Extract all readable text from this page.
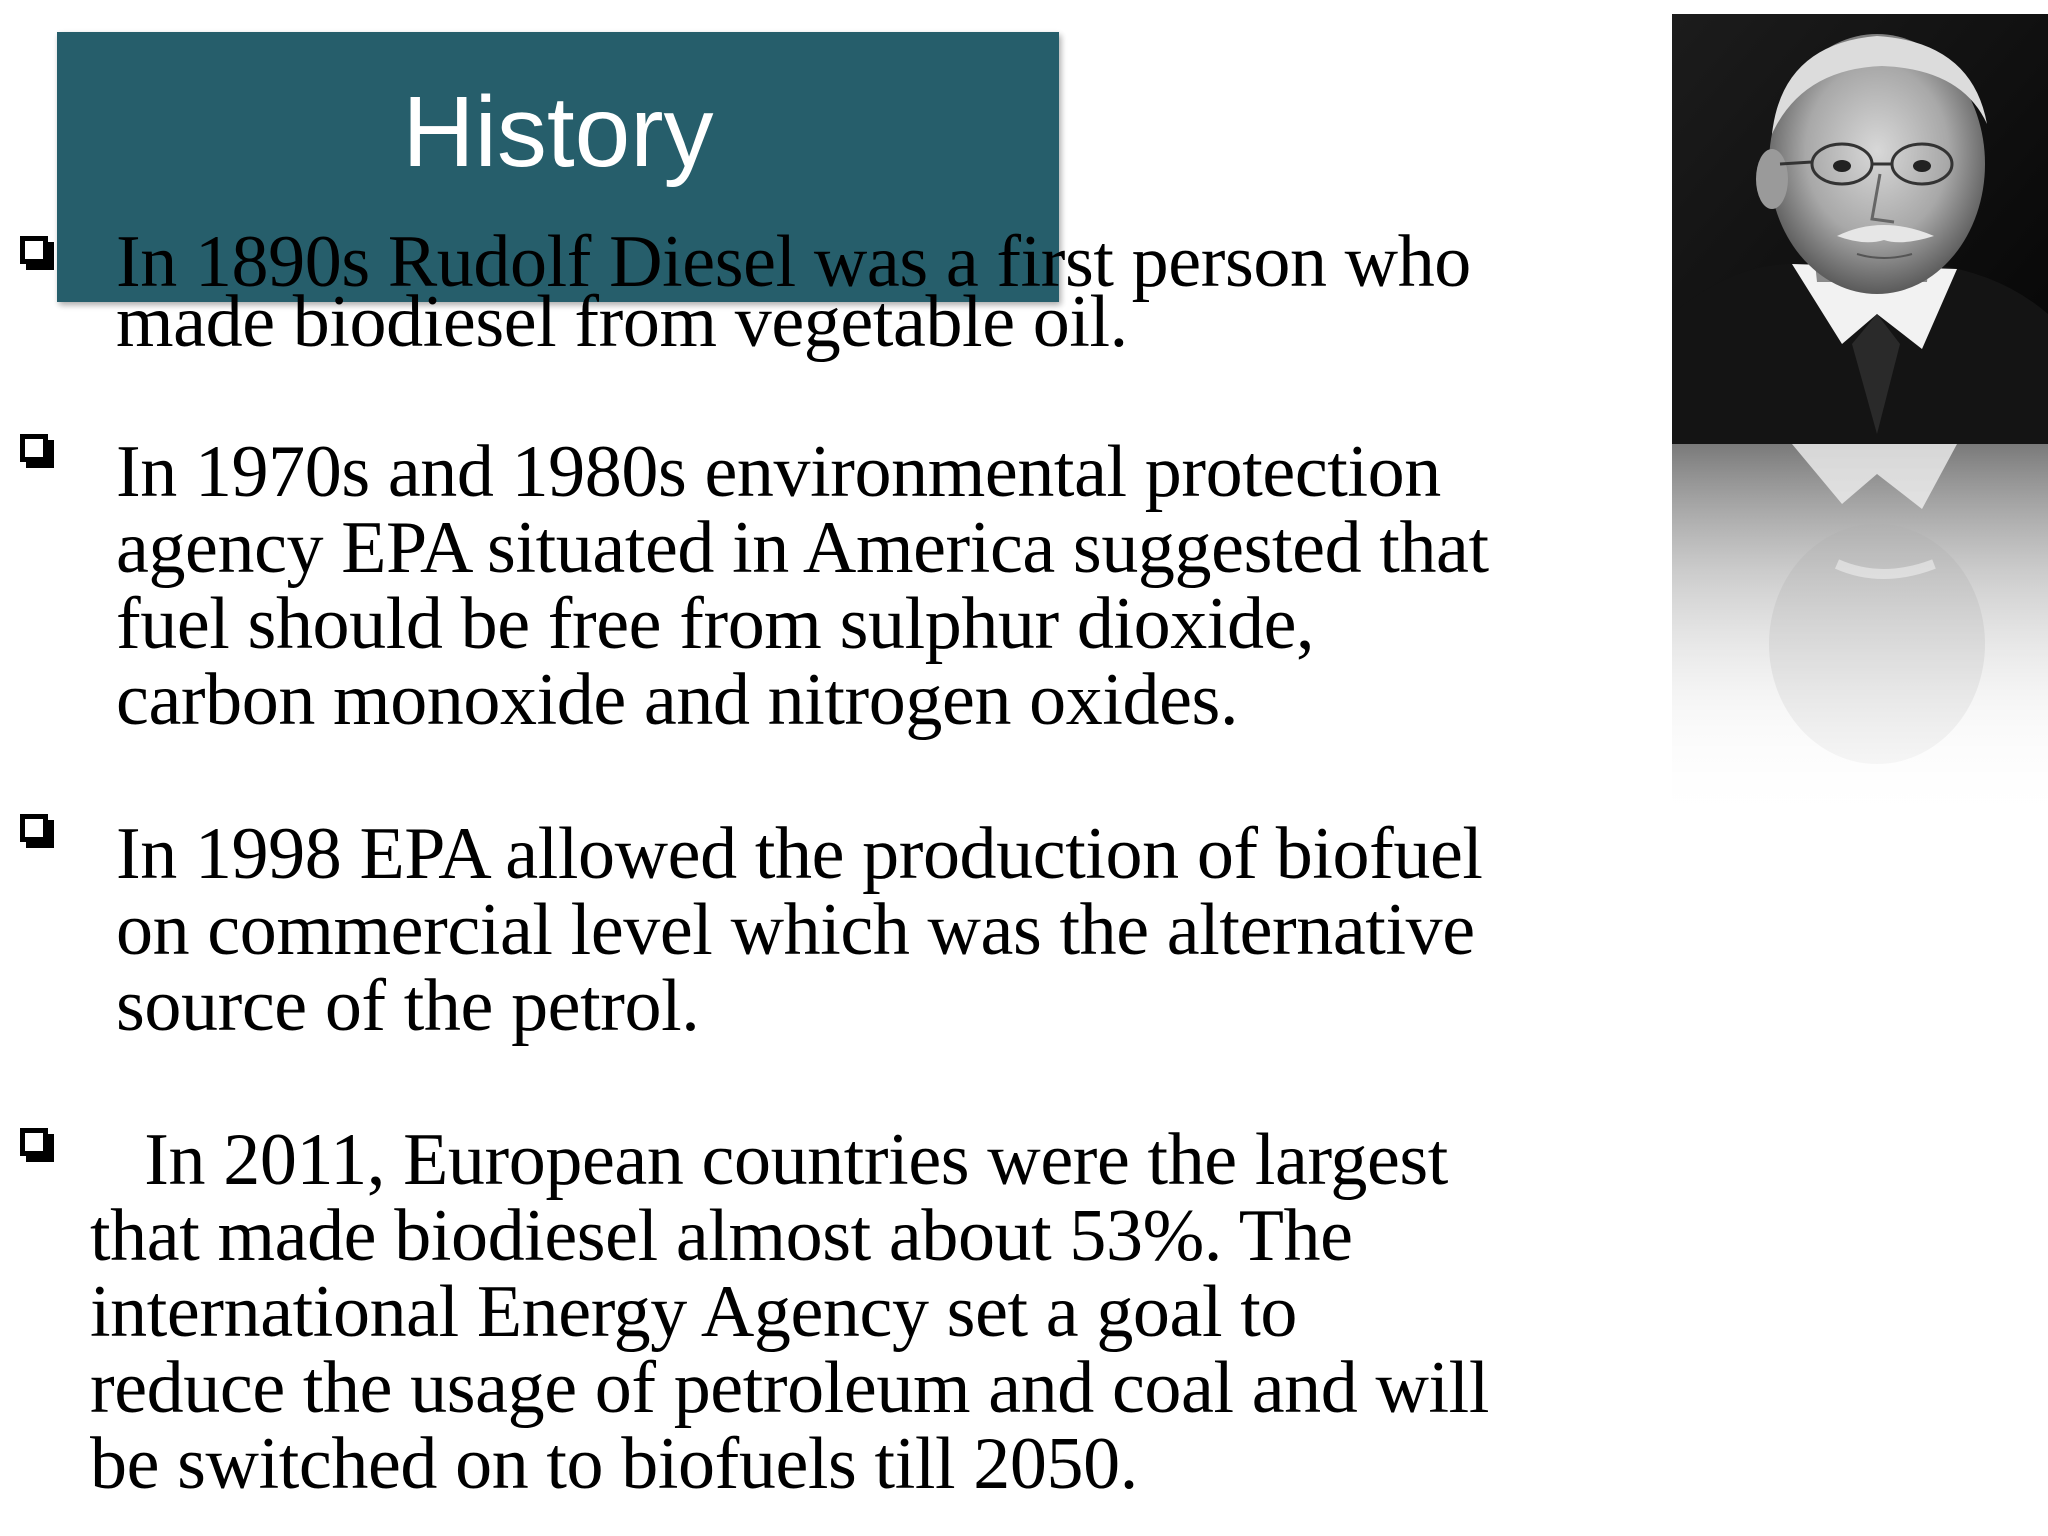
History
In 1890s Rudolf Diesel was a first person who
made biodiesel from vegetable oil.
In 1970s and 1980s environmental protection
agency EPA situated in America suggested that
fuel should be free from sulphur dioxide,
carbon monoxide and nitrogen oxides.
In 1998 EPA allowed the production of biofuel
on commercial level which was the alternative
source of the petrol.
In 2011, European countries were the largest
that made biodiesel almost about 53%. The
international Energy Agency set a goal to
reduce the usage of petroleum and coal and will
be switched on to biofuels till 2050.
